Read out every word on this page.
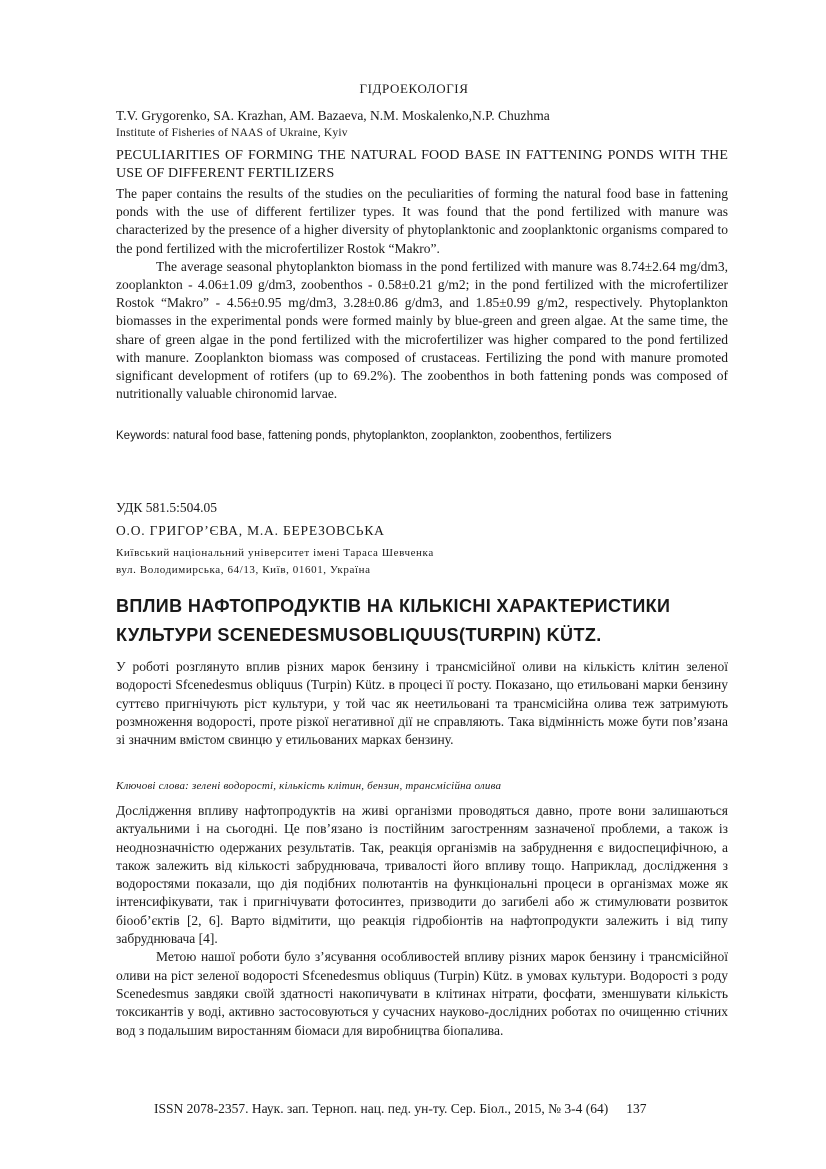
ГІДРОЕКОЛОГІЯ
T.V. Grygorenko, SA. Krazhan, AM. Bazaeva, N.M. Moskalenko,N.P. Chuzhma
Institute of Fisheries of NAAS of Ukraine, Kyiv
PECULIARITIES OF FORMING THE NATURAL FOOD BASE IN FATTENING PONDS WITH THE USE OF DIFFERENT FERTILIZERS

The paper contains the results of the studies on the peculiarities of forming the natural food base in fattening ponds with the use of different fertilizer types. It was found that the pond fertilized with manure was characterized by the presence of a higher diversity of phytoplanktonic and zooplanktonic organisms compared to the pond fertilized with the microfertilizer Rostok “Makro”.

The average seasonal phytoplankton biomass in the pond fertilized with manure was 8.74±2.64 mg/dm3, zooplankton - 4.06±1.09 g/dm3, zoobenthos - 0.58±0.21 g/m2; in the pond fertilized with the microfertilizer Rostok “Makro” - 4.56±0.95 mg/dm3, 3.28±0.86 g/dm3, and 1.85±0.99 g/m2, respectively. Phytoplankton biomasses in the experimental ponds were formed mainly by blue-green and green algae. At the same time, the share of green algae in the pond fertilized with the microfertilizer was higher compared to the pond fertilized with manure. Zooplankton biomass was composed of crustaceas. Fertilizing the pond with manure promoted significant development of rotifers (up to 69.2%). The zoobenthos in both fattening ponds was composed of nutritionally valuable chironomid larvae.

Keywords: natural food base, fattening ponds, phytoplankton, zooplankton, zoobenthos, fertilizers
УДК 581.5:504.05
О.О. ГРИГОР’ЄВА, М.А. БЕРЕЗОВСЬКА
Київський національний університет імені Тараса Шевченка
вул. Володимирська, 64/13, Київ, 01601, Україна
ВПЛИВ НАФТОПРОДУКТІВ НА КІЛЬКІСНІ ХАРАКТЕРИСТИКИ
КУЛЬТУРИ SCENEDESMUSOBLIQUUS(TURPIN) KÜTZ.
У роботі розглянуто вплив різних марок бензину і трансмісійної оливи на кількість клітин зеленої водорості Sfcenedesmus obliquus (Turpin) Kütz. в процесі її росту. Показано, що етильовані марки бензину суттєво пригнічують ріст культури, у той час як неетильовані та трансмісійна олива теж затримують розмноження водорості, проте різкої негативної дії не справляють. Така відмінність може бути пов’язана зі значним вмістом свинцю у етильованих марках бензину.
Ключові слова: зелені водорості, кількість клітин, бензин, трансмісійна олива

Дослідження впливу нафтопродуктів на живі організми проводяться давно, проте вони залишаються актуальними і на сьогодні. Це пов’язано із постійним загостренням зазначеної проблеми, а також із неоднозначністю одержаних результатів. Так, реакція організмів на забруднення є видоспецифічною, а також залежить від кількості забруднювача, тривалості його впливу тощо. Наприклад, дослідження з водоростями показали, що дія подібних полютантів на функціональні процеси в організмах може як інтенсифікувати, так і пригнічувати фотосинтез, призводити до загибелі або ж стимулювати розвиток біооб’єктів [2, 6]. Варто відмітити, що реакція гідробіонтів на нафтопродукти залежить і від типу забруднювача [4].

Метою нашої роботи було з’ясування особливостей впливу різних марок бензину і трансмісійної оливи на ріст зеленої водорості Sfcenedesmus obliquus (Turpin) Kütz. в умовах культури. Водорості з роду Scenedesmus завдяки своїй здатності накопичувати в клітинах нітрати, фосфати, зменшувати кількість токсикантів у воді, активно застосовуються у сучасних науково-дослідних роботах по очищенню стічних вод з подальшим виростанням біомаси для виробництва біопалива.

ISSN 2078-2357. Наук. зап. Терноп. нац. пед. ун-ту. Сер. Біол., 2015, № 3-4 (64) 137
